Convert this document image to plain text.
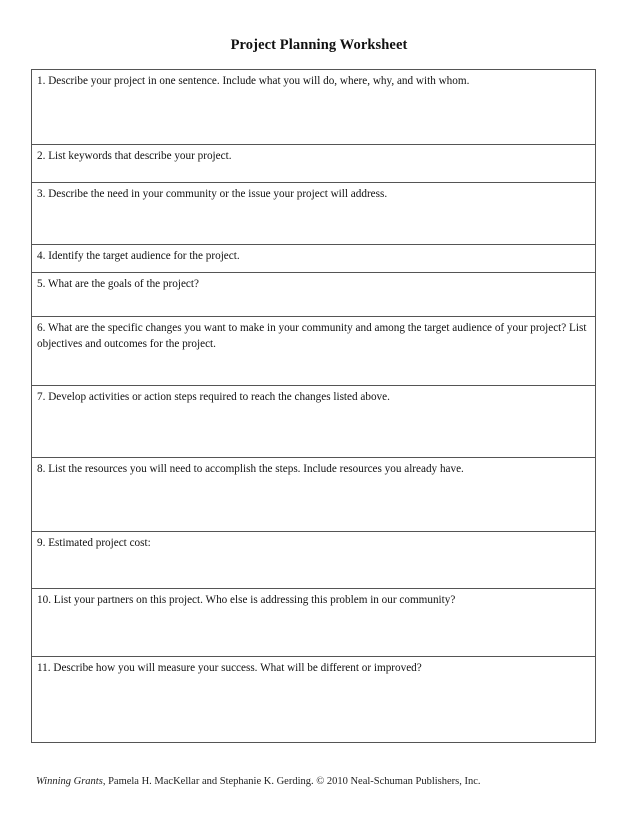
Project Planning Worksheet
1. Describe your project in one sentence. Include what you will do, where, why, and with whom.
2. List keywords that describe your project.
3. Describe the need in your community or the issue your project will address.
4. Identify the target audience for the project.
5. What are the goals of the project?
6. What are the specific changes you want to make in your community and among the target audience of your project? List objectives and outcomes for the project.
7. Develop activities or action steps required to reach the changes listed above.
8. List the resources you will need to accomplish the steps. Include resources you already have.
9. Estimated project cost:
10. List your partners on this project. Who else is addressing this problem in our community?
11. Describe how you will measure your success. What will be different or improved?
Winning Grants, Pamela H. MacKellar and Stephanie K. Gerding. © 2010 Neal-Schuman Publishers, Inc.
